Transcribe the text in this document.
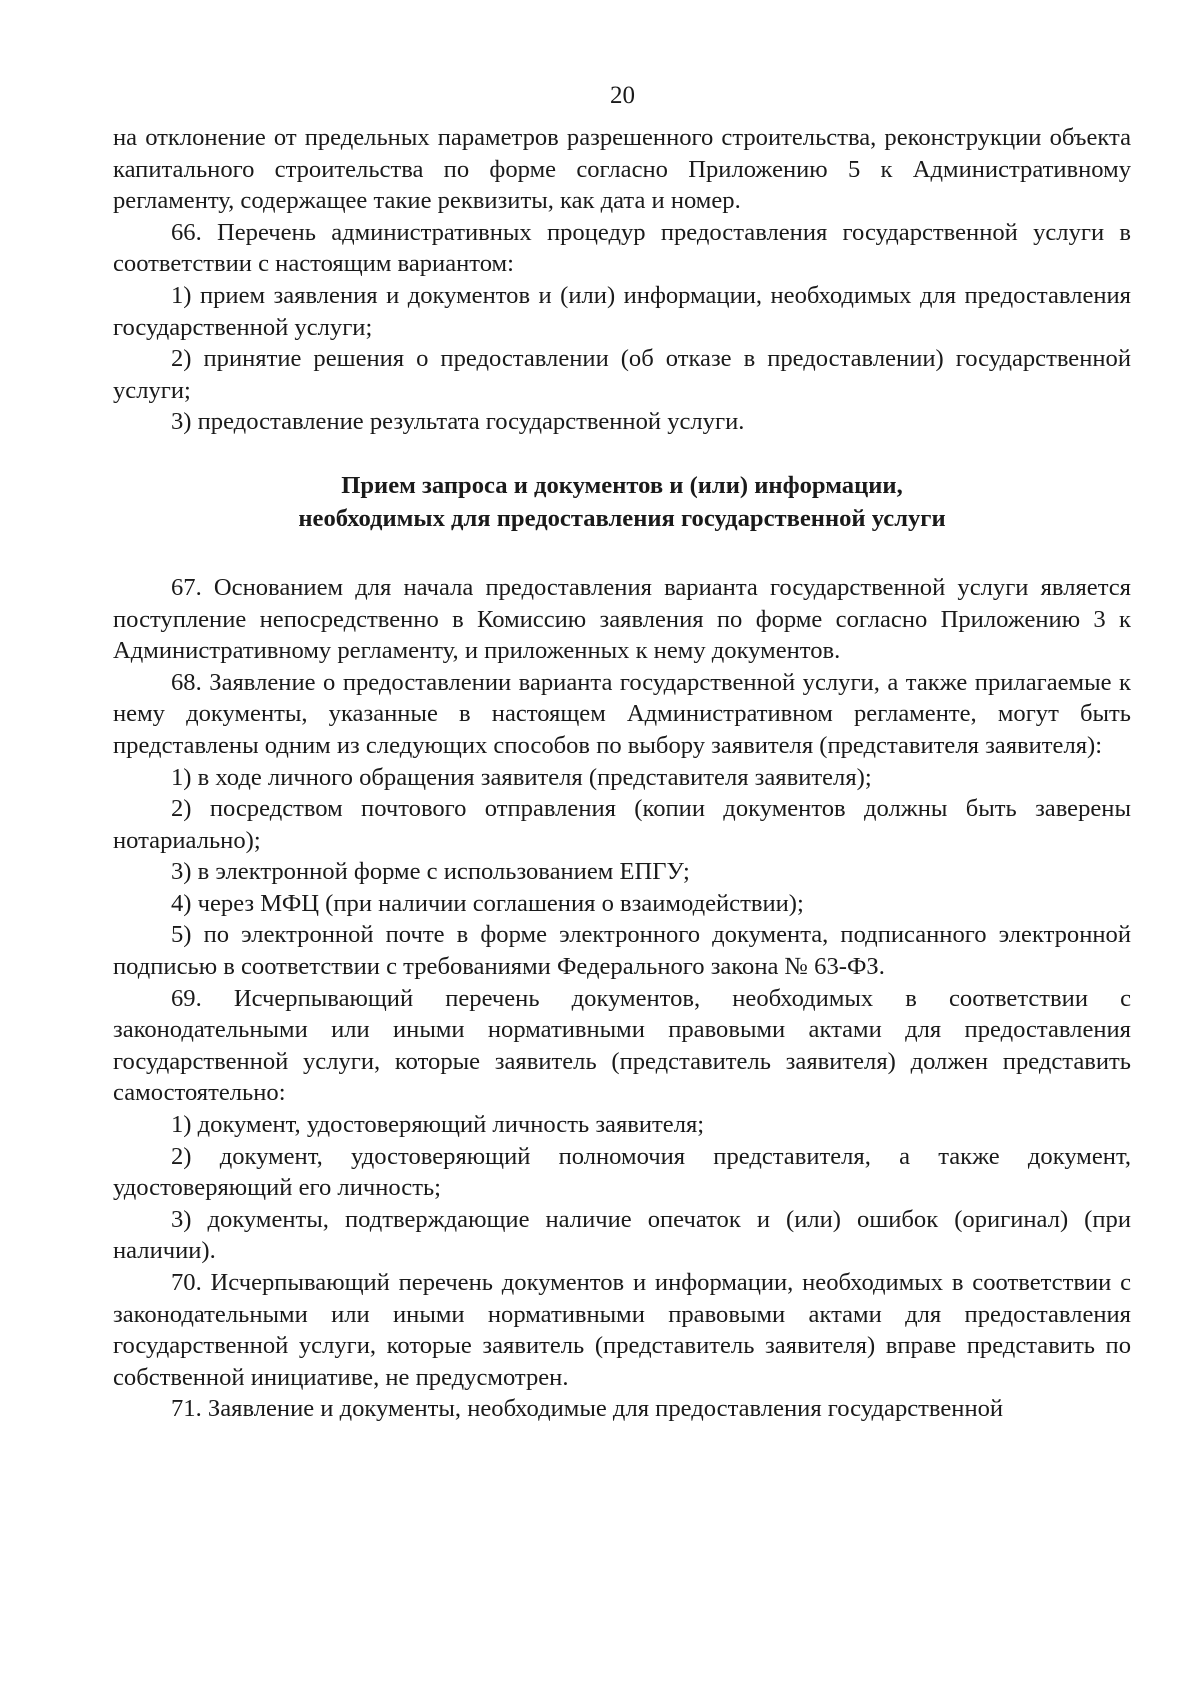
20

на отклонение от предельных параметров разрешенного строительства, реконструкции объекта капитального строительства по форме согласно Приложению 5 к Административному регламенту, содержащее такие реквизиты, как дата и номер.

66. Перечень административных процедур предоставления государственной услуги в соответствии с настоящим вариантом:

1) прием заявления и документов и (или) информации, необходимых для предоставления государственной услуги;

2) принятие решения о предоставлении (об отказе в предоставлении) государственной услуги;

3) предоставление результата государственной услуги.

Прием запроса и документов и (или) информации,
необходимых для предоставления государственной услуги

67. Основанием для начала предоставления варианта государственной услуги является поступление непосредственно в Комиссию заявления по форме согласно Приложению 3 к Административному регламенту, и приложенных к нему документов.

68. Заявление о предоставлении варианта государственной услуги, а также прилагаемые к нему документы, указанные в настоящем Административном регламенте, могут быть представлены одним из следующих способов по выбору заявителя (представителя заявителя):

1) в ходе личного обращения заявителя (представителя заявителя);

2) посредством почтового отправления (копии документов должны быть заверены нотариально);

3) в электронной форме с использованием ЕПГУ;

4) через МФЦ (при наличии соглашения о взаимодействии);

5) по электронной почте в форме электронного документа, подписанного электронной подписью в соответствии с требованиями Федерального закона № 63-ФЗ.

69. Исчерпывающий перечень документов, необходимых в соответствии с законодательными или иными нормативными правовыми актами для предоставления государственной услуги, которые заявитель (представитель заявителя) должен представить самостоятельно:

1) документ, удостоверяющий личность заявителя;

2) документ, удостоверяющий полномочия представителя, а также документ, удостоверяющий его личность;

3) документы, подтверждающие наличие опечаток и (или) ошибок (оригинал) (при наличии).

70. Исчерпывающий перечень документов и информации, необходимых в соответствии с законодательными или иными нормативными правовыми актами для предоставления государственной услуги, которые заявитель (представитель заявителя) вправе представить по собственной инициативе, не предусмотрен.

71. Заявление и документы, необходимые для предоставления государственной
